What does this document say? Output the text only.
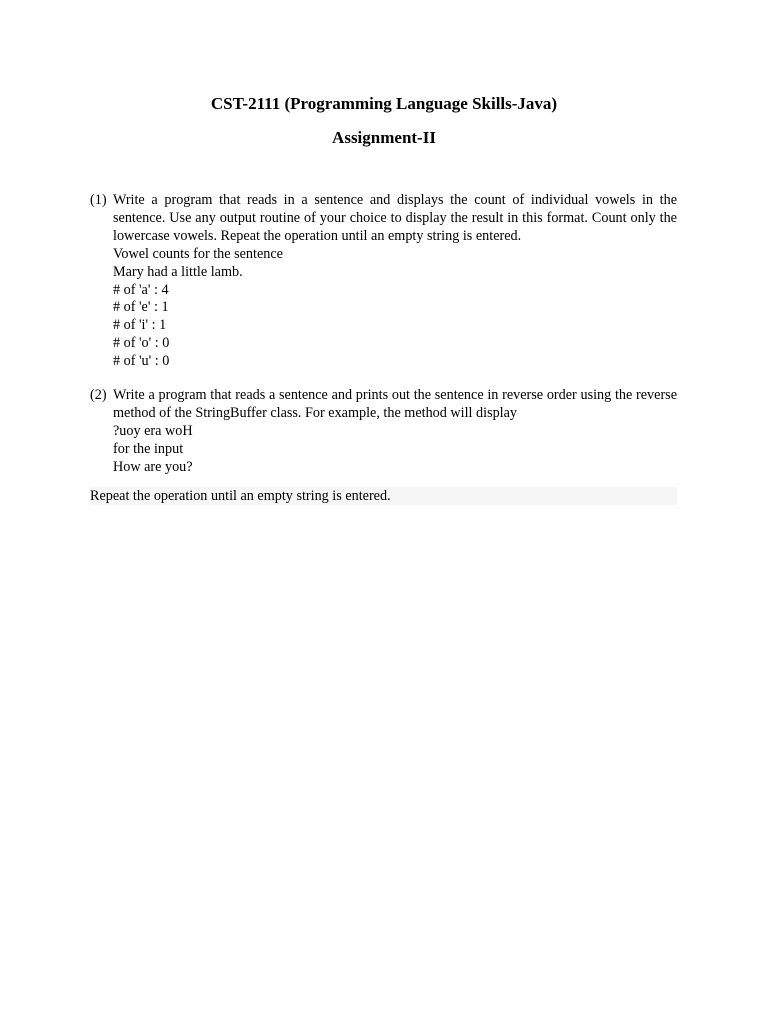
CST-2111 (Programming Language Skills-Java)
Assignment-II
(1) Write a program that reads in a sentence and displays the count of individual vowels in the sentence. Use any output routine of your choice to display the result in this format. Count only the lowercase vowels. Repeat the operation until an empty string is entered.
Vowel counts for the sentence
Mary had a little lamb.
# of 'a' : 4
# of 'e' : 1
# of 'i' : 1
# of 'o' : 0
# of 'u' : 0
(2) Write a program that reads a sentence and prints out the sentence in reverse order using the reverse method of the StringBuffer class. For example, the method will display
?uoy era woH
for the input
How are you?
Repeat the operation until an empty string is entered.
